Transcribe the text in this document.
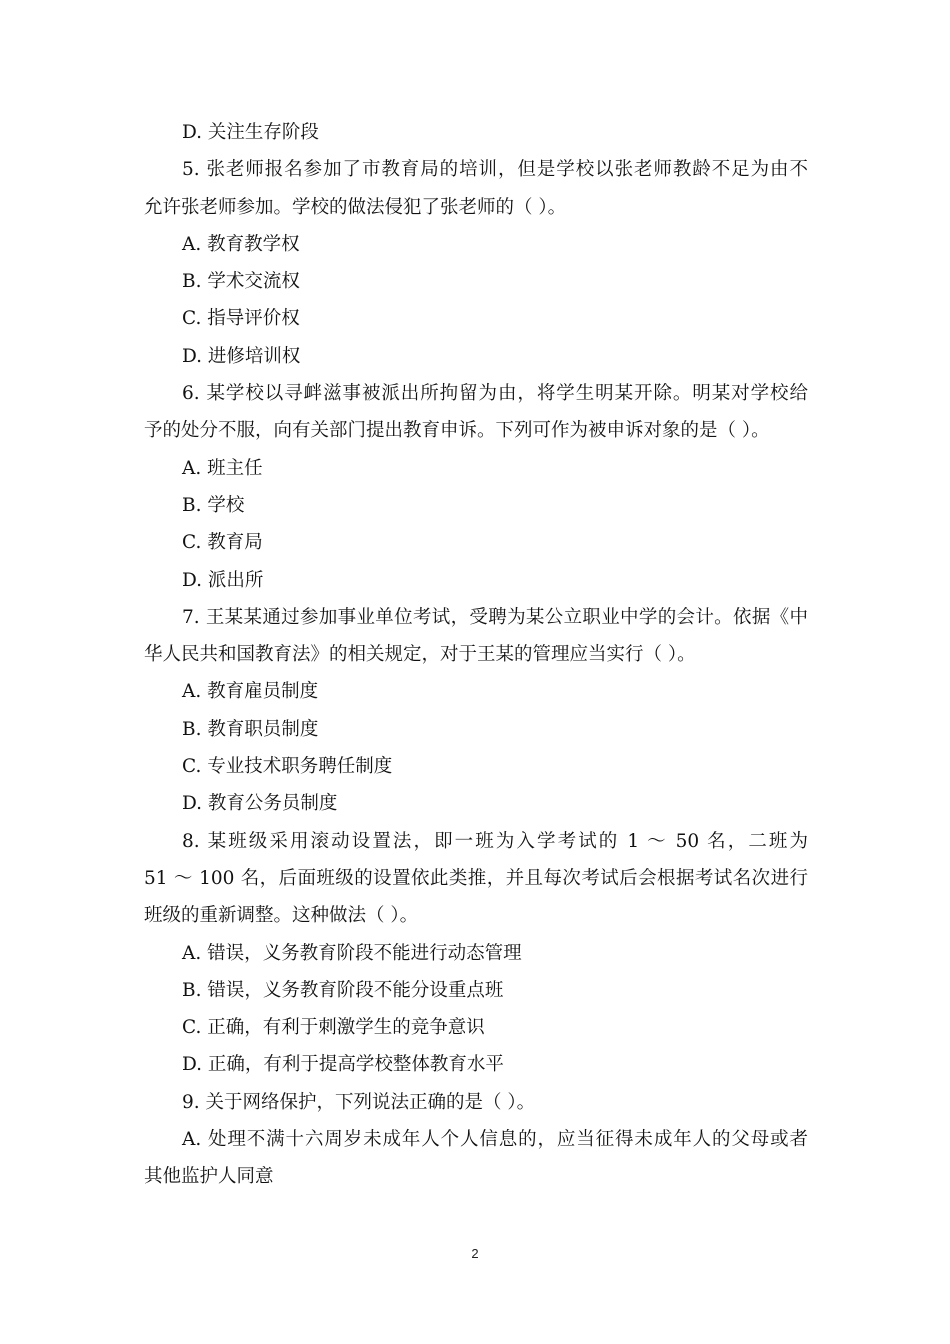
D. 关注生存阶段
5. 张老师报名参加了市教育局的培训，但是学校以张老师教龄不足为由不
允许张老师参加。学校的做法侵犯了张老师的（ ）。
A. 教育教学权
B. 学术交流权
C. 指导评价权
D. 进修培训权
6. 某学校以寻衅滋事被派出所拘留为由，将学生明某开除。明某对学校给
予的处分不服，向有关部门提出教育申诉。下列可作为被申诉对象的是（ ）。
A. 班主任
B. 学校
C. 教育局
D. 派出所
7. 王某某通过参加事业单位考试，受聘为某公立职业中学的会计。依据《中
华人民共和国教育法》的相关规定，对于王某的管理应当实行（ ）。
A. 教育雇员制度
B. 教育职员制度
C. 专业技术职务聘任制度
D. 教育公务员制度
8. 某班级采用滚动设置法，即一班为入学考试的 1 ～ 50 名，二班为
51 ～ 100 名，后面班级的设置依此类推，并且每次考试后会根据考试名次进行
班级的重新调整。这种做法（ ）。
A. 错误，义务教育阶段不能进行动态管理
B. 错误，义务教育阶段不能分设重点班
C. 正确，有利于刺激学生的竞争意识
D. 正确，有利于提高学校整体教育水平
9. 关于网络保护，下列说法正确的是（ ）。
A. 处理不满十六周岁未成年人个人信息的，应当征得未成年人的父母或者
其他监护人同意
2
